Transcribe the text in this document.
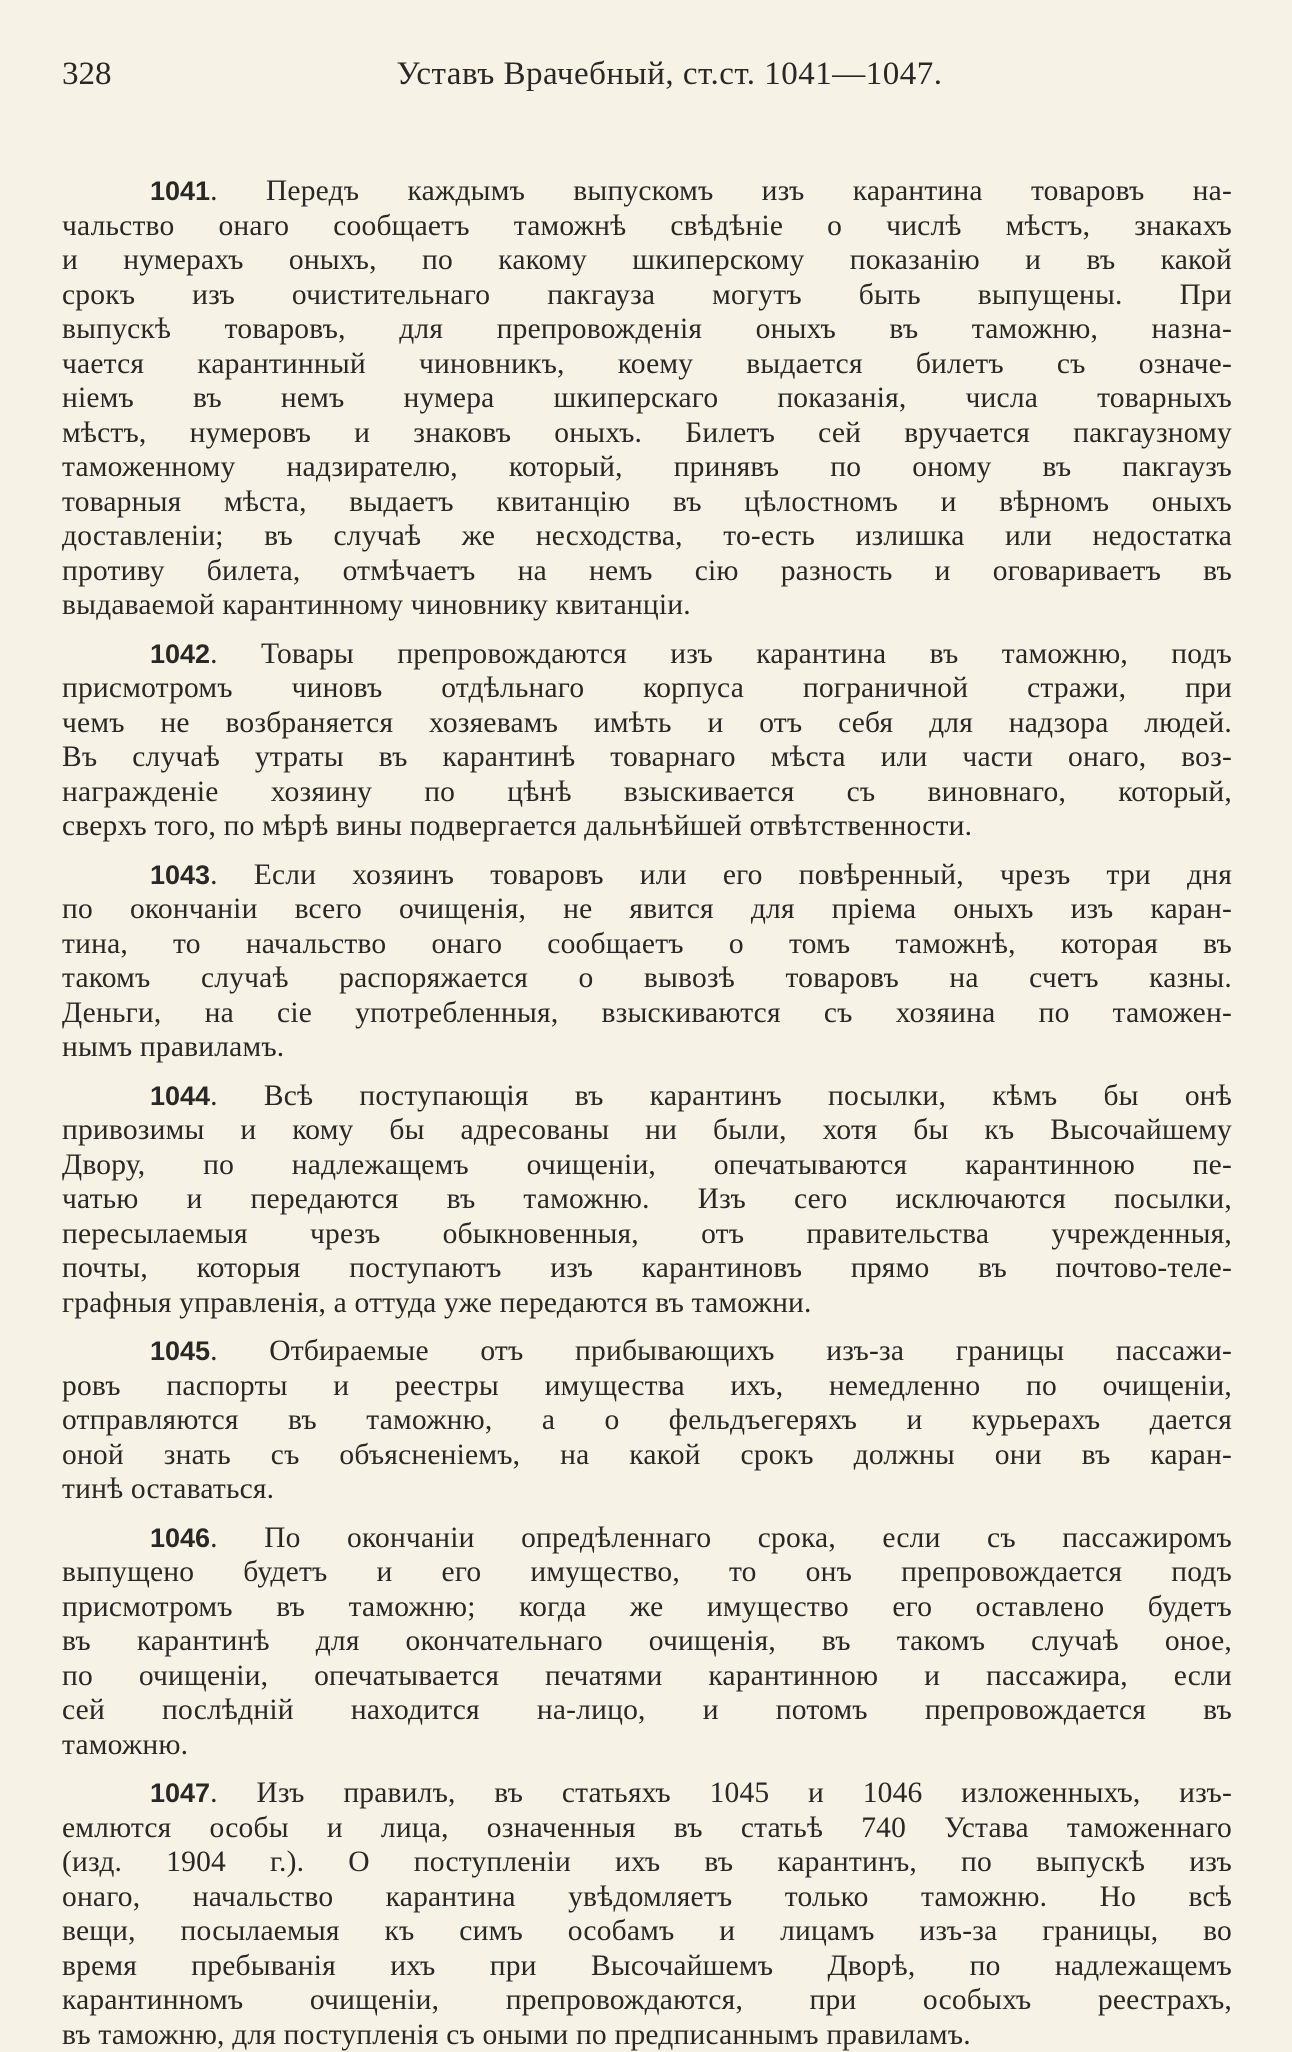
328	Уставъ Врачебный, ст.ст. 1041—1047.
1041. Передъ каждымъ выпускомъ изъ карантина товаровъ на-
чальство онаго сообщаетъ таможнѣ свѣдѣніе о числѣ мѣстъ, знакахъ
и нумерахъ оныхъ, по какому шкиперскому показанію и въ какой
срокъ изъ очистительнаго пакгауза могутъ быть выпущены. При
выпускѣ товаровъ, для препровожденія оныхъ въ таможню, назна-
чается карантинный чиновникъ, коему выдается билетъ съ означе-
ніемъ въ немъ нумера шкиперскаго показанія, числа товарныхъ
мѣстъ, нумеровъ и знаковъ оныхъ. Билетъ сей вручается пакгаузному
таможенному надзирателю, который, принявъ по оному въ пакгаузъ
товарныя мѣста, выдаетъ квитанцію въ цѣлостномъ и вѣрномъ оныхъ
доставленіи; въ случаѣ же несходства, то-есть излишка или недостатка
противу билета, отмѣчаетъ на немъ сію разность и оговариваетъ въ
выдаваемой карантинному чиновнику квитанціи.
1042. Товары препровождаются изъ карантина въ таможню, подъ
присмотромъ чиновъ отдѣльнаго корпуса пограничной стражи, при
чемъ не возбраняется хозяевамъ имѣть и отъ себя для надзора людей.
Въ случаѣ утраты въ карантинѣ товарнаго мѣста или части онаго, воз-
награжденіе хозяину по цѣнѣ взыскивается съ виновнаго, который,
сверхъ того, по мѣрѣ вины подвергается дальнѣйшей отвѣтственности.
1043. Если хозяинъ товаровъ или его повѣренный, чрезъ три дня
по окончаніи всего очищенія, не явится для пріема оныхъ изъ каран-
тина, то начальство онаго сообщаетъ о томъ таможнѣ, которая въ
такомъ случаѣ распоряжается о вывозѣ товаровъ на счетъ казны.
Деньги, на сіе употребленныя, взыскиваются съ хозяина по таможен-
нымъ правиламъ.
1044. Всѣ поступающія въ карантинъ посылки, кѣмъ бы онѣ
привозимы и кому бы адресованы ни были, хотя бы къ Высочайшему
Двору, по надлежащемъ очищеніи, опечатываются карантинною пе-
чатью и передаются въ таможню. Изъ сего исключаются посылки,
пересылаемыя чрезъ обыкновенныя, отъ правительства учрежденныя,
почты, которыя поступаютъ изъ карантиновъ прямо въ почтово-теле-
графныя управленія, а оттуда уже передаются въ таможни.
1045. Отбираемые отъ прибывающихъ изъ-за границы пассажи-
ровъ паспорты и реестры имущества ихъ, немедленно по очищеніи,
отправляются въ таможню, а о фельдъегеряхъ и курьерахъ дается
оной знать съ объясненіемъ, на какой срокъ должны они въ каран-
тинѣ оставаться.
1046. По окончаніи опредѣленнаго срока, если съ пассажиромъ
выпущено будетъ и его имущество, то онъ препровождается подъ
присмотромъ въ таможню; когда же имущество его оставлено будетъ
въ карантинѣ для окончательнаго очищенія, въ такомъ случаѣ оное,
по очищеніи, опечатывается печатями карантинною и пассажира, если
сей послѣдній находится на-лицо, и потомъ препровождается въ
таможню.
1047. Изъ правилъ, въ статьяхъ 1045 и 1046 изложенныхъ, изъ-
емлются особы и лица, означенныя въ статьѣ 740 Устава таможеннаго
(изд. 1904 г.). О поступленіи ихъ въ карантинъ, по выпускѣ изъ
онаго, начальство карантина увѣдомляетъ только таможню. Но всѣ
вещи, посылаемыя къ симъ особамъ и лицамъ изъ-за границы, во
время пребыванія ихъ при Высочайшемъ Дворѣ, по надлежащемъ
карантинномъ очищеніи, препровождаются, при особыхъ реестрахъ,
въ таможню, для поступленія съ оными по предписаннымъ правиламъ.
